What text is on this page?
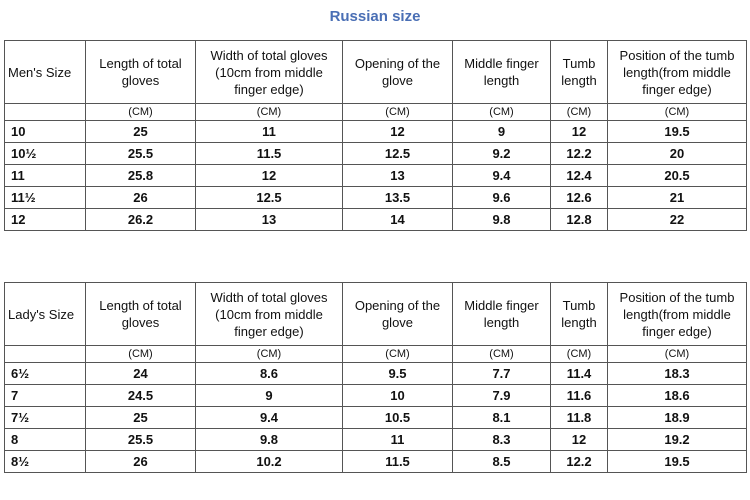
Russian size
Men's Size	Length of total gloves	Width of total gloves (10cm from middle finger edge)	Opening of the glove	Middle finger length	Tumb length	Position of the tumb length(from middle finger edge)
	(CM)	(CM)	(CM)	(CM)	(CM)	(CM)
10	25	11	12	9	12	19.5
10½	25.5	11.5	12.5	9.2	12.2	20
11	25.8	12	13	9.4	12.4	20.5
11½	26	12.5	13.5	9.6	12.6	21
12	26.2	13	14	9.8	12.8	22
Lady's Size	Length of total gloves	Width of total gloves (10cm from middle finger edge)	Opening of the glove	Middle finger length	Tumb length	Position of the tumb length(from middle finger edge)
	(CM)	(CM)	(CM)	(CM)	(CM)	(CM)
6½	24	8.6	9.5	7.7	11.4	18.3
7	24.5	9	10	7.9	11.6	18.6
7½	25	9.4	10.5	8.1	11.8	18.9
8	25.5	9.8	11	8.3	12	19.2
8½	26	10.2	11.5	8.5	12.2	19.5
